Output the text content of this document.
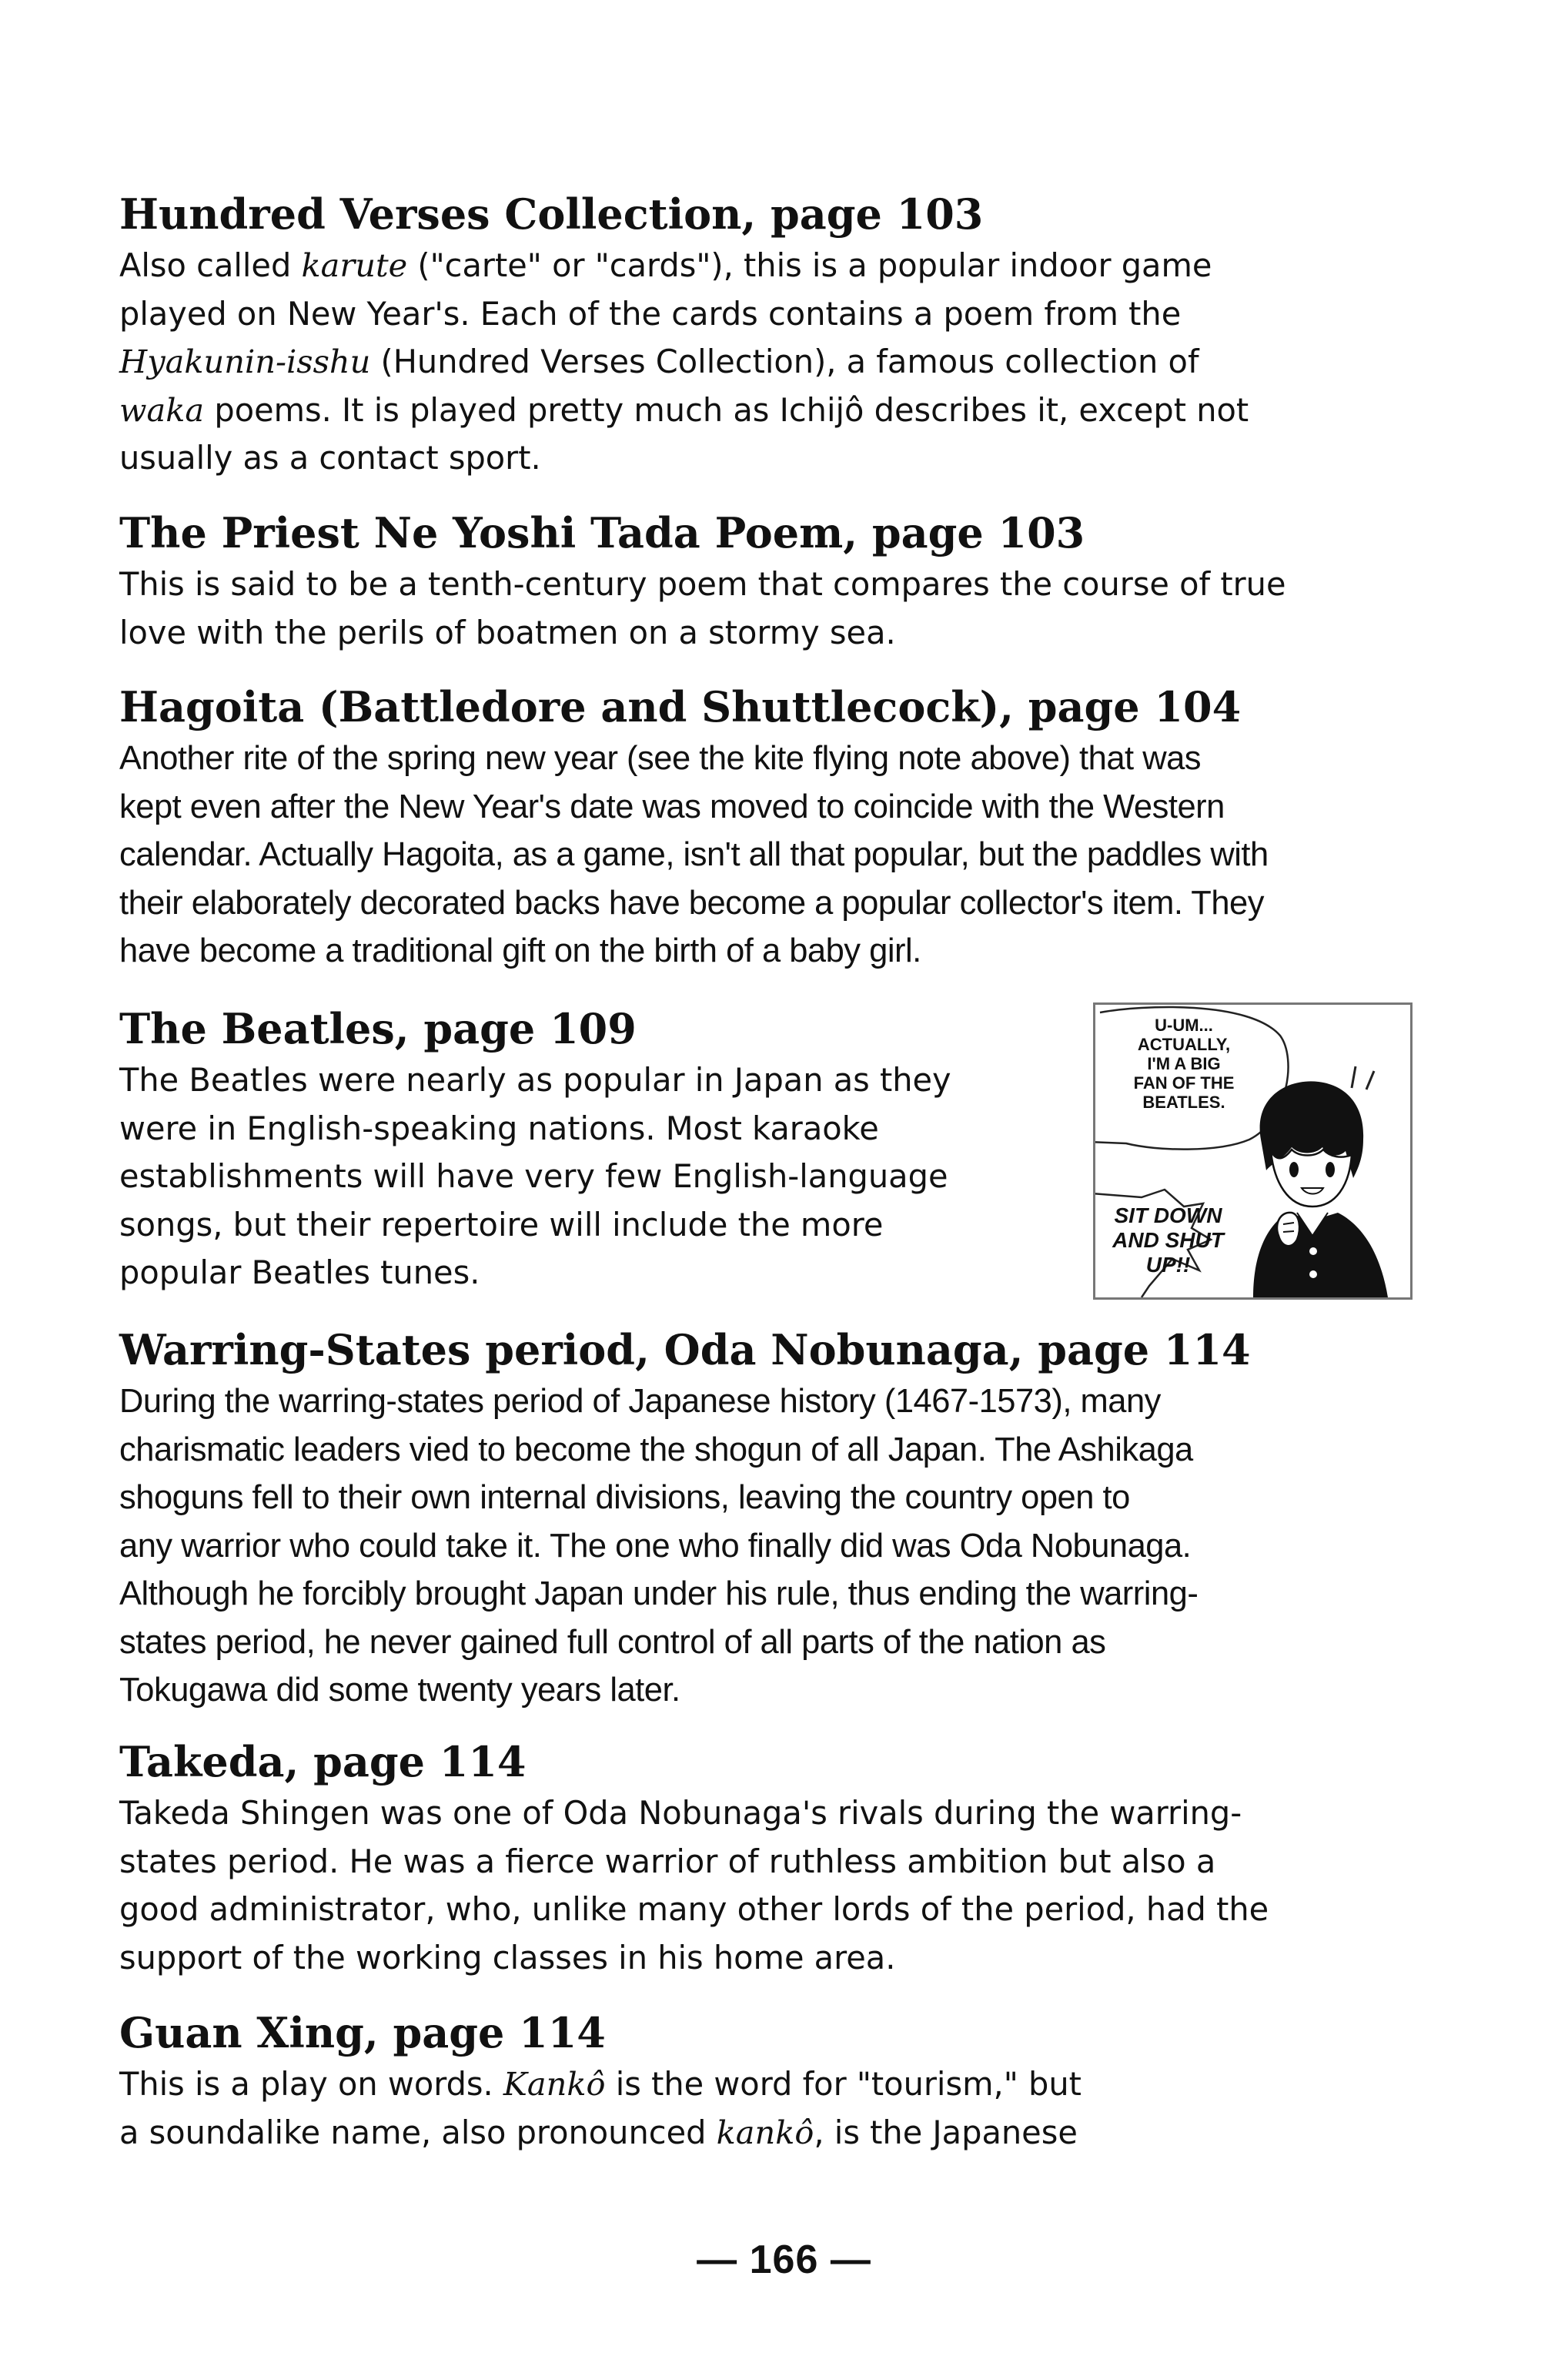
Hundred Verses Collection, page 103

Also called karute ("carte" or "cards"), this is a popular indoor game
played on New Year's. Each of the cards contains a poem from the
Hyakunin-isshu (Hundred Verses Collection), a famous collection of
waka poems. It is played pretty much as Ichijô describes it, except not
usually as a contact sport.

The Priest Ne Yoshi Tada Poem, page 103

This is said to be a tenth-century poem that compares the course of true
love with the perils of boatmen on a stormy sea.

Hagoita (Battledore and Shuttlecock), page 104

Another rite of the spring new year (see the kite flying note above) that was
kept even after the New Year's date was moved to coincide with the Western
calendar. Actually Hagoita, as a game, isn't all that popular, but the paddles with
their elaborately decorated backs have become a popular collector's item. They
have become a traditional gift on the birth of a baby girl.

The Beatles, page 109

The Beatles were nearly as popular in Japan as they
were in English-speaking nations. Most karaoke
establishments will have very few English-language
songs, but their repertoire will include the more
popular Beatles tunes.

U-UM...
ACTUALLY,
I'M A BIG
FAN OF THE
BEATLES.
SIT DOWN
AND SHUT
UP!!
Warring-States period, Oda Nobunaga, page 114

During the warring-states period of Japanese history (1467-1573), many
charismatic leaders vied to become the shogun of all Japan. The Ashikaga
shoguns fell to their own internal divisions, leaving the country open to
any warrior who could take it. The one who finally did was Oda Nobunaga.
Although he forcibly brought Japan under his rule, thus ending the warring-
states period, he never gained full control of all parts of the nation as
Tokugawa did some twenty years later.

Takeda, page 114

Takeda Shingen was one of Oda Nobunaga's rivals during the warring-
states period. He was a fierce warrior of ruthless ambition but also a
good administrator, who, unlike many other lords of the period, had the
support of the working classes in his home area.

Guan Xing, page 114

This is a play on words. Kankô is the word for "tourism," but
a soundalike name, also pronounced kankô, is the Japanese

— 166 —
